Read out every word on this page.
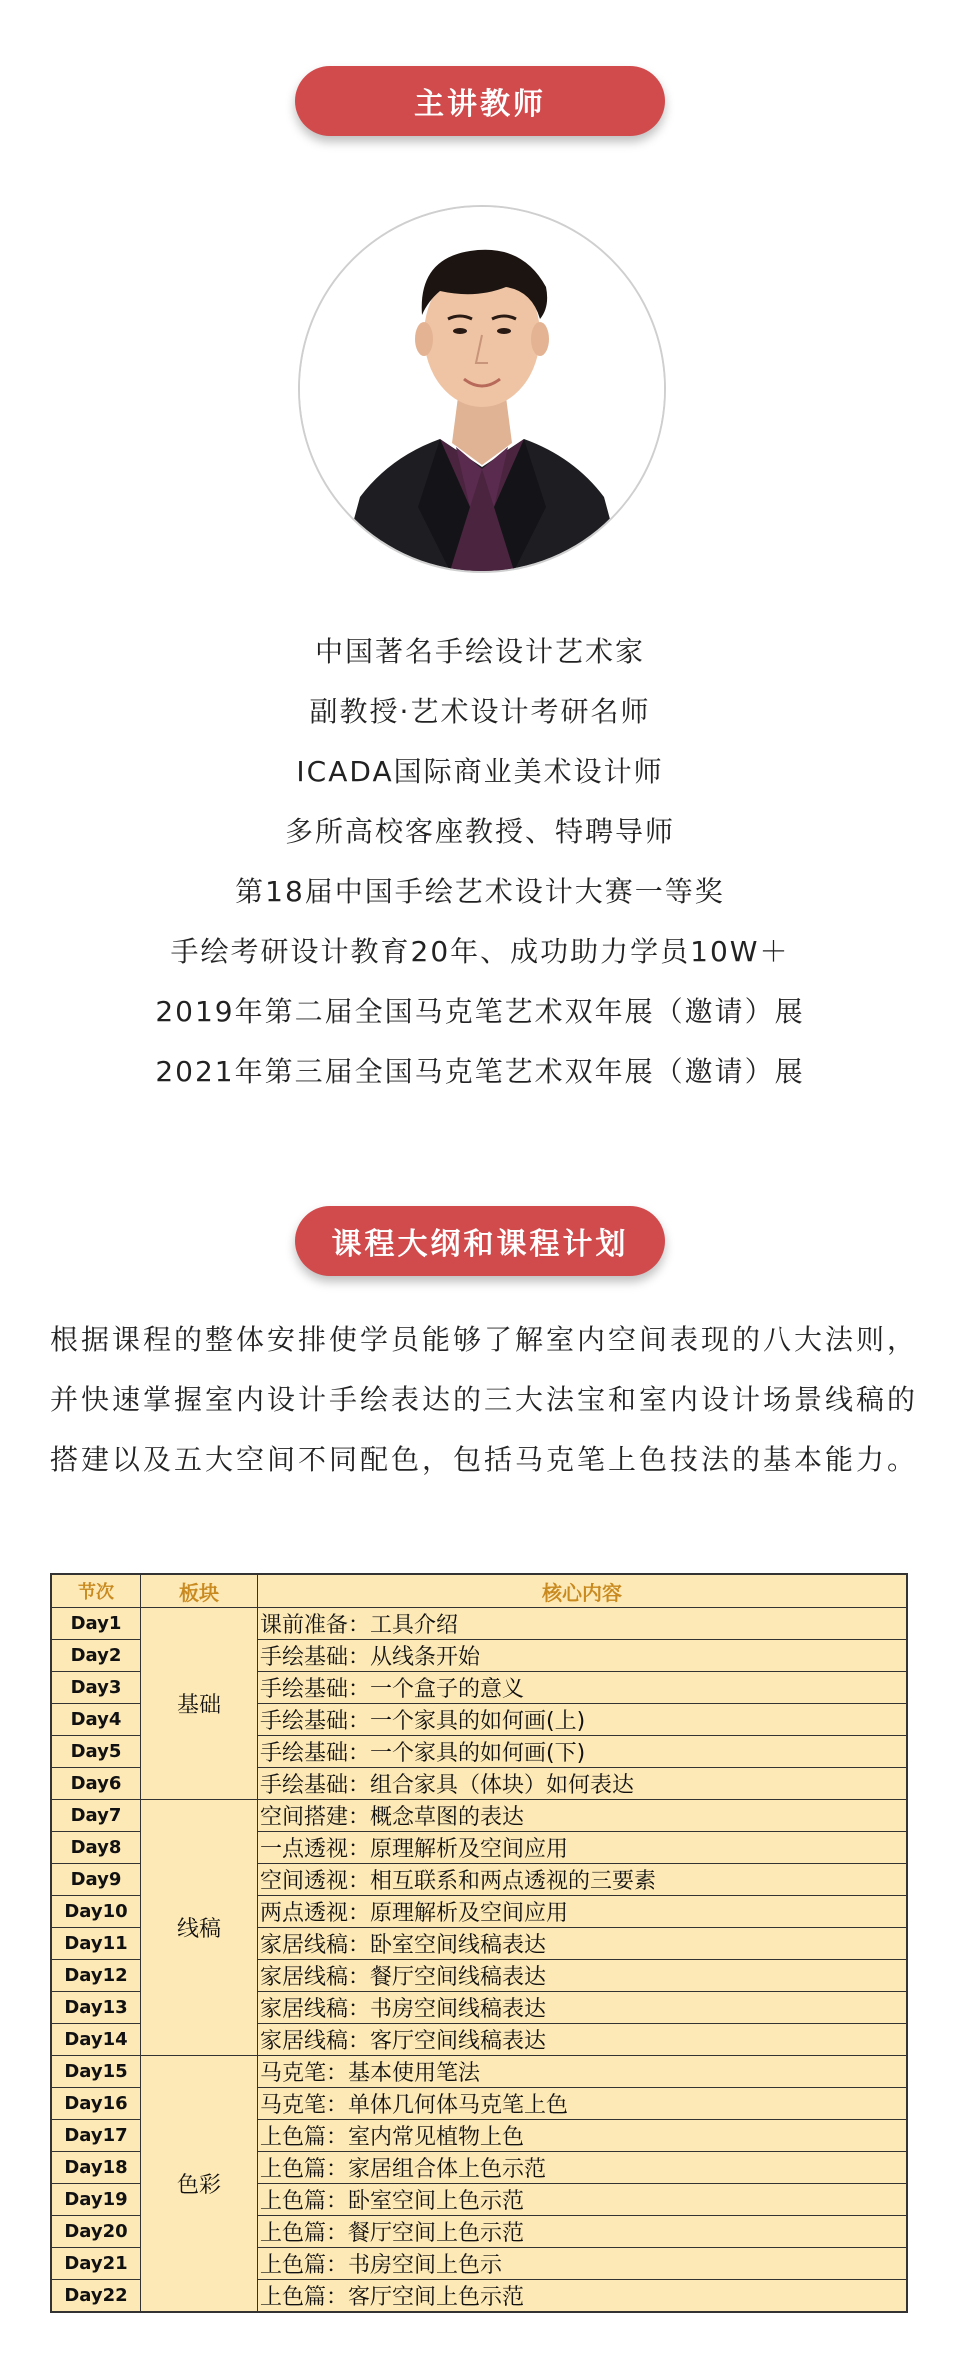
主讲教师
中国著名手绘设计艺术家
副教授·艺术设计考研名师
ICADA国际商业美术设计师
多所高校客座教授、特聘导师
第18届中国手绘艺术设计大赛一等奖
手绘考研设计教育20年、成功助力学员10W＋
2019年第二届全国马克笔艺术双年展（邀请）展
2021年第三届全国马克笔艺术双年展（邀请）展
课程大纲和课程计划
根据课程的整体安排使学员能够了解室内空间表现的八大法则，并快速掌握室内设计手绘表达的三大法宝和室内设计场景线稿的搭建以及五大空间不同配色，包括马克笔上色技法的基本能力。
节次	板块	核心内容
Day1	基础	课前准备：工具介绍
Day2		手绘基础：从线条开始
Day3		手绘基础：一个盒子的意义
Day4		手绘基础：一个家具的如何画(上)
Day5		手绘基础：一个家具的如何画(下)
Day6		手绘基础：组合家具（体块）如何表达
Day7	线稿	空间搭建：概念草图的表达
Day8		一点透视：原理解析及空间应用
Day9		空间透视：相互联系和两点透视的三要素
Day10		两点透视：原理解析及空间应用
Day11		家居线稿：卧室空间线稿表达
Day12		家居线稿：餐厅空间线稿表达
Day13		家居线稿：书房空间线稿表达
Day14		家居线稿：客厅空间线稿表达
Day15	色彩	马克笔：基本使用笔法
Day16		马克笔：单体几何体马克笔上色
Day17		上色篇：室内常见植物上色
Day18		上色篇：家居组合体上色示范
Day19		上色篇：卧室空间上色示范
Day20		上色篇：餐厅空间上色示范
Day21		上色篇：书房空间上色示
Day22		上色篇：客厅空间上色示范
